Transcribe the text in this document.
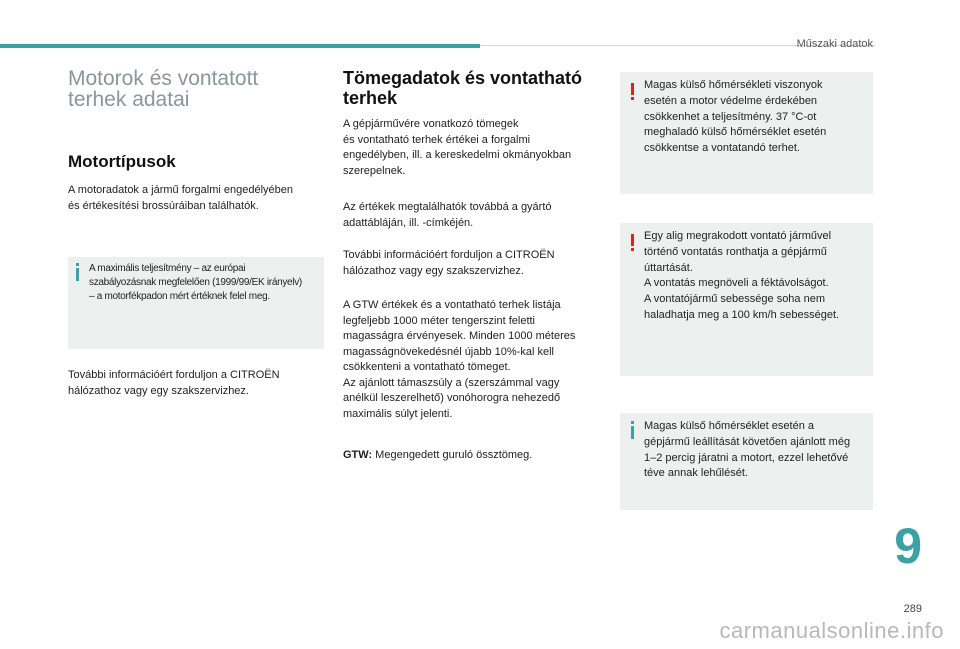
Műszaki adatok
Motorok és vontatott
terhek adatai
Motortípusok

A motoradatok a jármű forgalmi engedélyében
és értékesítési brossúráiban találhatók.

A maximális teljesítmény – az európai
szabályozásnak megfelelően (1999/99/EK irányelv)
– a motorfékpadon mért értéknek felel meg.

További információért forduljon a CITROËN
hálózathoz vagy egy szakszervizhez.

Tömegadatok és vontatható
terhek

A gépjárművére vonatkozó tömegek
és vontatható terhek értékei a forgalmi
engedélyben, ill. a kereskedelmi okmányokban
szerepelnek.

Az értékek megtalálhatók továbbá a gyártó
adattábláján, ill. -címkéjén.

További információért forduljon a CITROËN
hálózathoz vagy egy szakszervizhez.

A GTW értékek és a vontatható terhek listája
legfeljebb 1000 méter tengerszint feletti
magasságra érvényesek. Minden 1000 méteres
magasságnövekedésnél újabb 10%-kal kell
csökkenteni a vontatható tömeget.
Az ajánlott támaszsúly a (szerszámmal vagy
anélkül leszerelhető) vonóhorogra nehezedő
maximális súlyt jelenti.

GTW: Megengedett guruló össztömeg.

Magas külső hőmérsékleti viszonyok
esetén a motor védelme érdekében
csökkenhet a teljesítmény. 37 °C-ot
meghaladó külső hőmérséklet esetén
csökkentse a vontatandó terhet.
Egy alig megrakodott vontató járművel
történő vontatás ronthatja a gépjármű
úttartását.
A vontatás megnöveli a féktávolságot.
A vontatójármű sebessége soha nem
haladhatja meg a 100 km/h sebességet.
Magas külső hőmérséklet esetén a
gépjármű leállítását követően ajánlott még
1–2 percig járatni a motort, ezzel lehetővé
téve annak lehűlését.
9
289
carmanualsonline.info
